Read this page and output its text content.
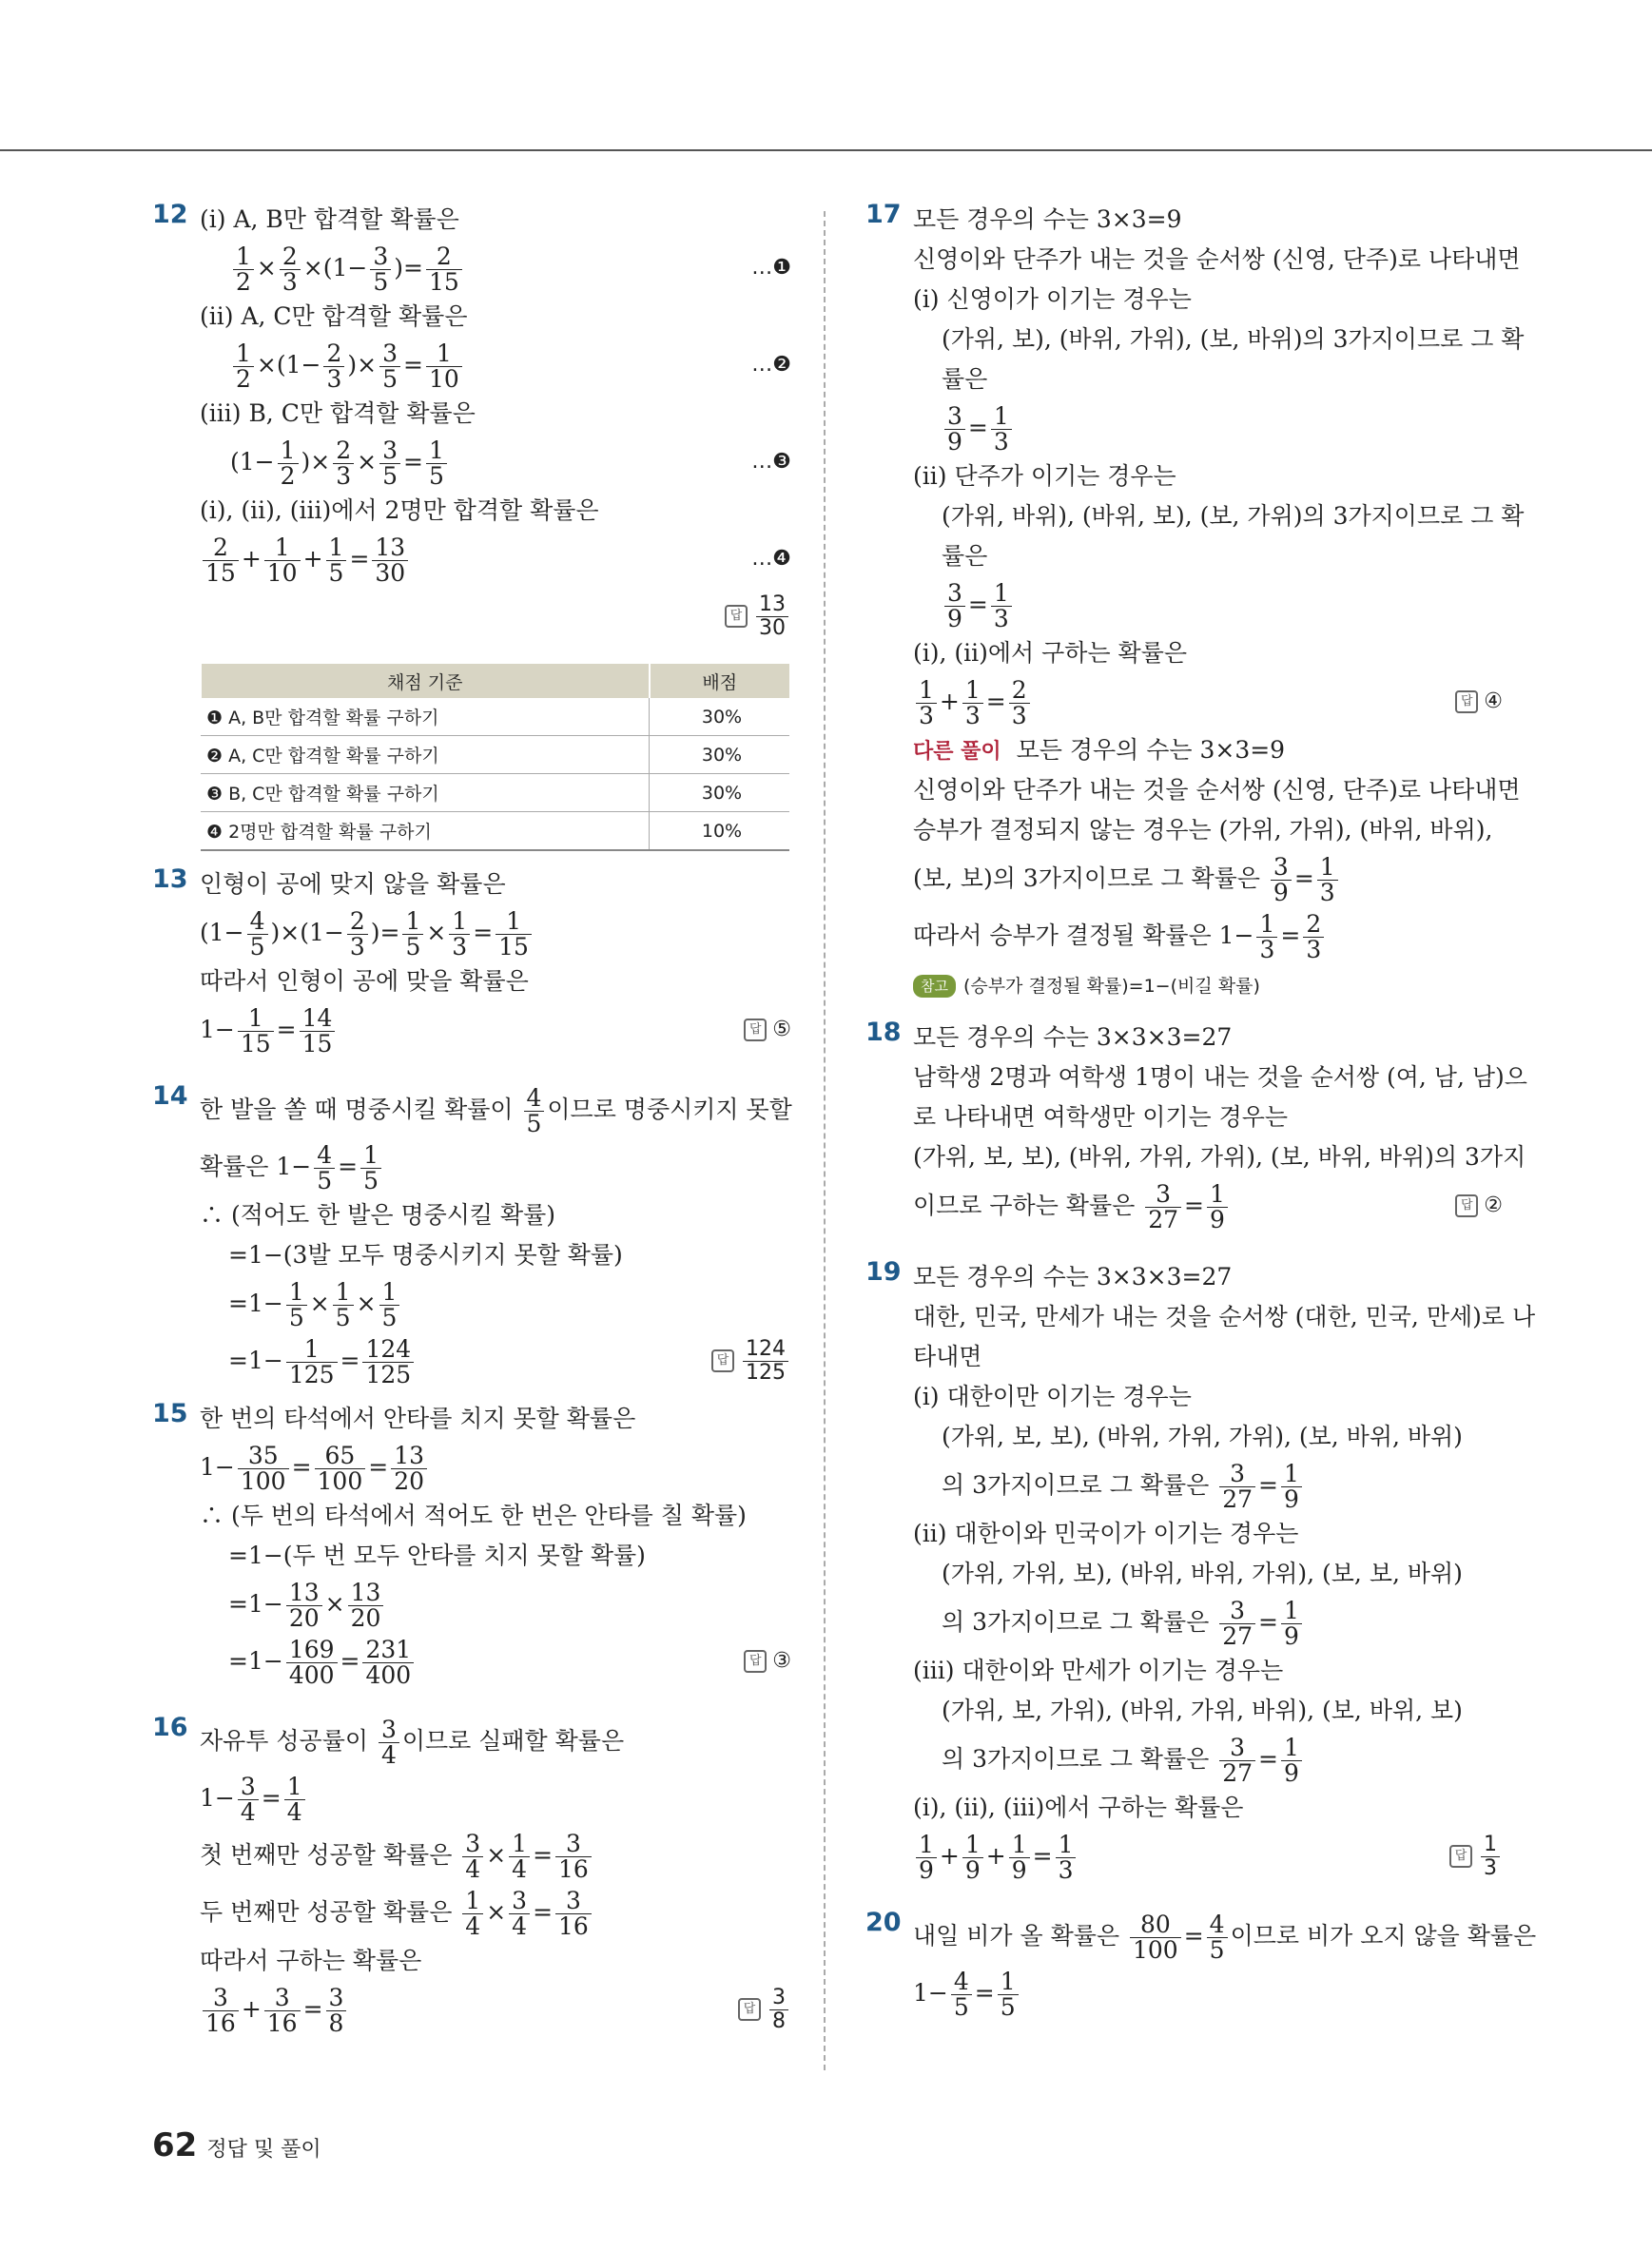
12 (ⅰ) A, B만 합격할 확률은
$\frac{1}{2} \times \frac{2}{3} \times(1- \frac{3}{5}$ )= $\frac{2}{15}$	…❶
(ⅱ) A, C만 합격할 확률은
$\frac{1}{2} \times(1- \frac{2}{3}$ )× $\frac{3}{5} = \frac{1}{10}$	…❷
(ⅲ) B, C만 합격할 확률은
($1- \frac{1}{2}$ )× $\frac{2}{3} \times \frac{3}{5} = \frac{1}{5}$	…❸
(ⅰ), (ⅱ), (ⅲ)에서 2명만 합격할 확률은
$\frac{2}{15} + \frac{1}{10} + \frac{1}{5} = \frac{13}{30}$	…❹
답 $\frac{13}{30}$
채점 기준	배점
❶ A, B만 합격할 확률 구하기	30%
❷ A, C만 합격할 확률 구하기	30%
❸ B, C만 합격할 확률 구하기	30%
❹ 2명만 합격할 확률 구하기	10%
13 인형이 공에 맞지 않을 확률은
$(1- \frac{4}{5} )\times(1- \frac{2}{3}$ )= $\frac{1}{5} \times \frac{1}{3} = \frac{1}{15}$
따라서 인형이 공에 맞을 확률은
$1- \frac{1}{15} = \frac{14}{15}$	답 ⑤
14 한 발을 쏠 때 명중시킬 확률이 $\frac{4}{5}$ 이므로 명중시키지 못할
확률은 $1- \frac{4}{5} = \frac{1}{5}$
∴ (적어도 한 발은 명중시킬 확률)
=1−(3발 모두 명중시키지 못할 확률)
$=1- \frac{1}{5} \times \frac{1}{5} \times \frac{1}{5}$
$=1- \frac{1}{125} = \frac{124}{125}$	답 $\frac{124}{125}$
15 한 번의 타석에서 안타를 치지 못할 확률은
$1- \frac{35}{100} = \frac{65}{100} = \frac{13}{20}$
∴ (두 번의 타석에서 적어도 한 번은 안타를 칠 확률)
=1−(두 번 모두 안타를 치지 못할 확률)
$=1- \frac{13}{20} \times \frac{13}{20}$
$=1- \frac{169}{400} = \frac{231}{400}$	답 ③
16 자유투 성공률이 $\frac{3}{4}$ 이므로 실패할 확률은
$1- \frac{3}{4} = \frac{1}{4}$
첫 번째만 성공할 확률은 $\frac{3}{4} \times \frac{1}{4} = \frac{3}{16}$
두 번째만 성공할 확률은 $\frac{1}{4} \times \frac{3}{4} = \frac{3}{16}$
따라서 구하는 확률은
$\frac{3}{16} + \frac{3}{16} = \frac{3}{8}$	답 $\frac{3}{8}$
17 모든 경우의 수는 3×3=9
신영이와 단주가 내는 것을 순서쌍 (신영, 단주)로 나타내면
(ⅰ) 신영이가 이기는 경우는
(가위, 보), (바위, 가위), (보, 바위)의 3가지이므로 그 확
률은
$\frac{3}{9} = \frac{1}{3}$
(ⅱ) 단주가 이기는 경우는
(가위, 바위), (바위, 보), (보, 가위)의 3가지이므로 그 확
률은
$\frac{3}{9} = \frac{1}{3}$
(ⅰ), (ⅱ)에서 구하는 확률은
$\frac{1}{3} + \frac{1}{3} = \frac{2}{3}$	답 ④
다른 풀이 모든 경우의 수는 3×3=9
신영이와 단주가 내는 것을 순서쌍 (신영, 단주)로 나타내면
승부가 결정되지 않는 경우는 (가위, 가위), (바위, 바위),
(보, 보)의 3가지이므로 그 확률은 $\frac{3}{9} = \frac{1}{3}$
따라서 승부가 결정될 확률은 $1- \frac{1}{3} = \frac{2}{3}$
참고 (승부가 결정될 확률)=1−(비길 확률)
18 모든 경우의 수는 3×3×3=27
남학생 2명과 여학생 1명이 내는 것을 순서쌍 (여, 남, 남)으
로 나타내면 여학생만 이기는 경우는
(가위, 보, 보), (바위, 가위, 가위), (보, 바위, 바위)의 3가지
이므로 구하는 확률은 $\frac{3}{27} = \frac{1}{9}$	답 ②
19 모든 경우의 수는 3×3×3=27
대한, 민국, 만세가 내는 것을 순서쌍 (대한, 민국, 만세)로 나
타내면
(ⅰ) 대한이만 이기는 경우는
(가위, 보, 보), (바위, 가위, 가위), (보, 바위, 바위)
의 3가지이므로 그 확률은 $\frac{3}{27} = \frac{1}{9}$
(ⅱ) 대한이와 민국이가 이기는 경우는
(가위, 가위, 보), (바위, 바위, 가위), (보, 보, 바위)
의 3가지이므로 그 확률은 $\frac{3}{27} = \frac{1}{9}$
(ⅲ) 대한이와 만세가 이기는 경우는
(가위, 보, 가위), (바위, 가위, 바위), (보, 바위, 보)
의 3가지이므로 그 확률은 $\frac{3}{27} = \frac{1}{9}$
(ⅰ), (ⅱ), (ⅲ)에서 구하는 확률은
$\frac{1}{9} + \frac{1}{9} + \frac{1}{9} = \frac{1}{3}$	답 $\frac{1}{3}$
20 내일 비가 올 확률은 $\frac{80}{100} = \frac{4}{5}$ 이므로 비가 오지 않을 확률은
$1- \frac{4}{5} = \frac{1}{5}$
62 정답 및 풀이
